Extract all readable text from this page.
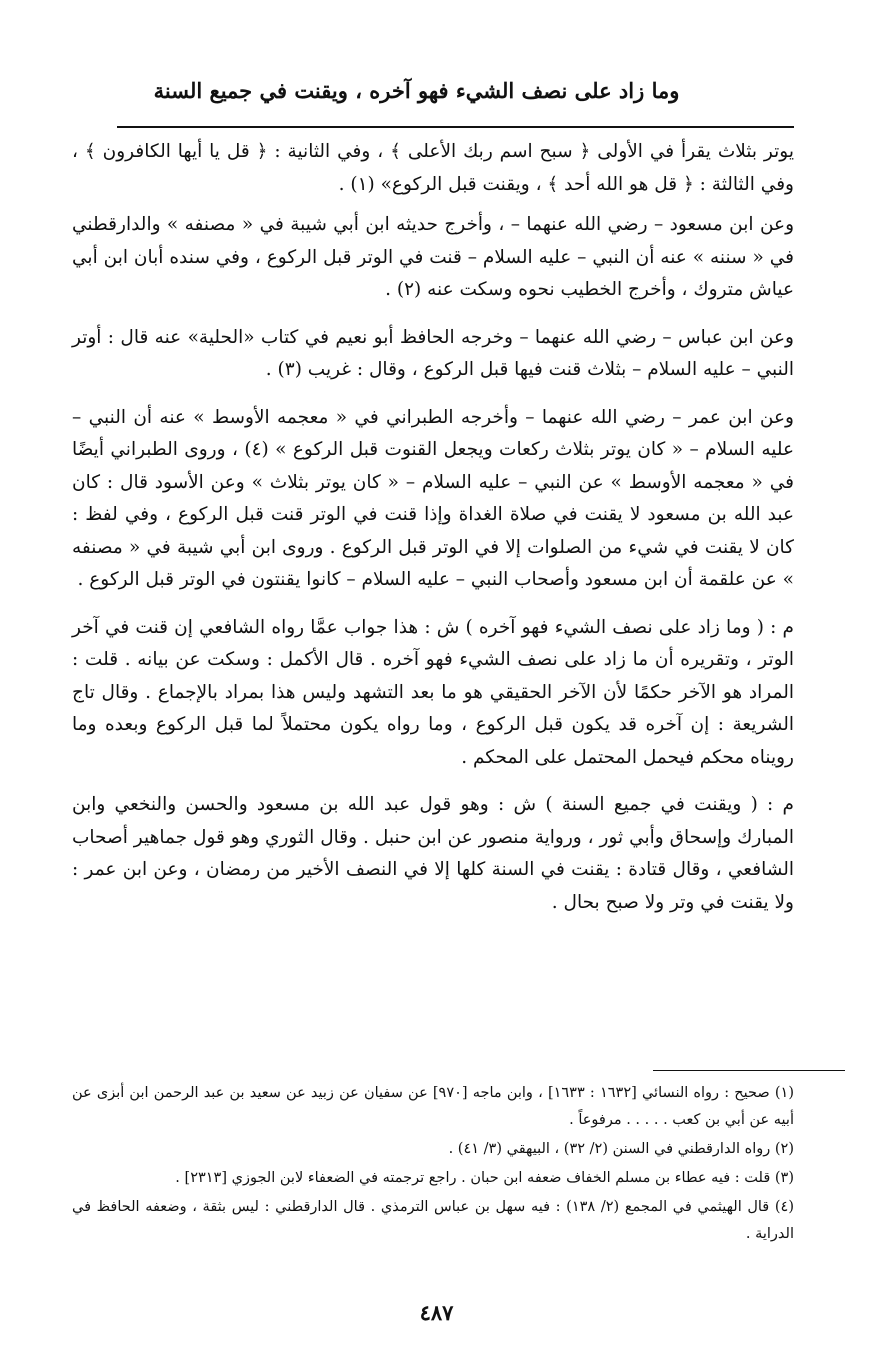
وما زاد على نصف الشيء فهو آخره ، ويقنت في جميع السنة

يوتر بثلاث يقرأ في الأولى ﴿ سبح اسم ربك الأعلى ﴾ ، وفي الثانية : ﴿ قل يا أيها الكافرون ﴾ ، وفي الثالثة : ﴿ قل هو الله أحد ﴾ ، ويقنت قبل الركوع» (١) .

وعن ابن مسعود – رضي الله عنهما – ، وأخرج حديثه ابن أبي شيبة في « مصنفه » والدارقطني في « سننه » عنه أن النبي – عليه السلام – قنت في الوتر قبل الركوع ، وفي سنده أبان ابن أبي عياش متروك ، وأخرج الخطيب نحوه وسكت عنه (٢) .

وعن ابن عباس – رضي الله عنهما – وخرجه الحافظ أبو نعيم في كتاب «الحلية» عنه قال : أوتر النبي – عليه السلام – بثلاث قنت فيها قبل الركوع ، وقال : غريب (٣) .

وعن ابن عمر – رضي الله عنهما – وأخرجه الطبراني في « معجمه الأوسط » عنه أن النبي – عليه السلام – « كان يوتر بثلاث ركعات ويجعل القنوت قبل الركوع » (٤) ، وروى الطبراني أيضًا في « معجمه الأوسط » عن النبي – عليه السلام – « كان يوتر بثلاث » وعن الأسود قال : كان عبد الله بن مسعود لا يقنت في صلاة الغداة وإذا قنت في الوتر قنت قبل الركوع ، وفي لفظ : كان لا يقنت في شيء من الصلوات إلا في الوتر قبل الركوع . وروى ابن أبي شيبة في « مصنفه » عن علقمة أن ابن مسعود وأصحاب النبي – عليه السلام – كانوا يقنتون في الوتر قبل الركوع .

م : ( وما زاد على نصف الشيء فهو آخره ) ش : هذا جواب عمَّا رواه الشافعي إن قنت في آخر الوتر ، وتقريره أن ما زاد على نصف الشيء فهو آخره . قال الأكمل : وسكت عن بيانه . قلت : المراد هو الآخر حكمًا لأن الآخر الحقيقي هو ما بعد التشهد وليس هذا بمراد بالإجماع . وقال تاج الشريعة : إن آخره قد يكون قبل الركوع ، وما رواه يكون محتملاً لما قبل الركوع وبعده وما رويناه محكم فيحمل المحتمل على المحكم .

م : ( ويقنت في جميع السنة ) ش : وهو قول عبد الله بن مسعود والحسن والنخعي وابن المبارك وإسحاق وأبي ثور ، ورواية منصور عن ابن حنبل . وقال الثوري وهو قول جماهير أصحاب الشافعي ، وقال قتادة : يقنت في السنة كلها إلا في النصف الأخير من رمضان ، وعن ابن عمر : ولا يقنت في وتر ولا صبح بحال .

(١) صحيح : رواه النسائي [١٦٣٢ : ١٦٣٣] ، وابن ماجه [٩٧٠] عن سفيان عن زبيد عن سعيد بن عبد الرحمن ابن أبزى عن أبيه عن أبي بن كعب . . . . . مرفوعاً .

(٢) رواه الدارقطني في السنن (٢/ ٣٢) ، البيهقي (٣/ ٤١) .

(٣) قلت : فيه عطاء بن مسلم الخفاف ضعفه ابن حبان . راجع ترجمته في الضعفاء لابن الجوزي [٢٣١٣] .

(٤) قال الهيثمي في المجمع (٢/ ١٣٨) : فيه سهل بن عباس الترمذي . قال الدارقطني : ليس بثقة ، وضعفه الحافظ في الدراية .

٤٨٧
